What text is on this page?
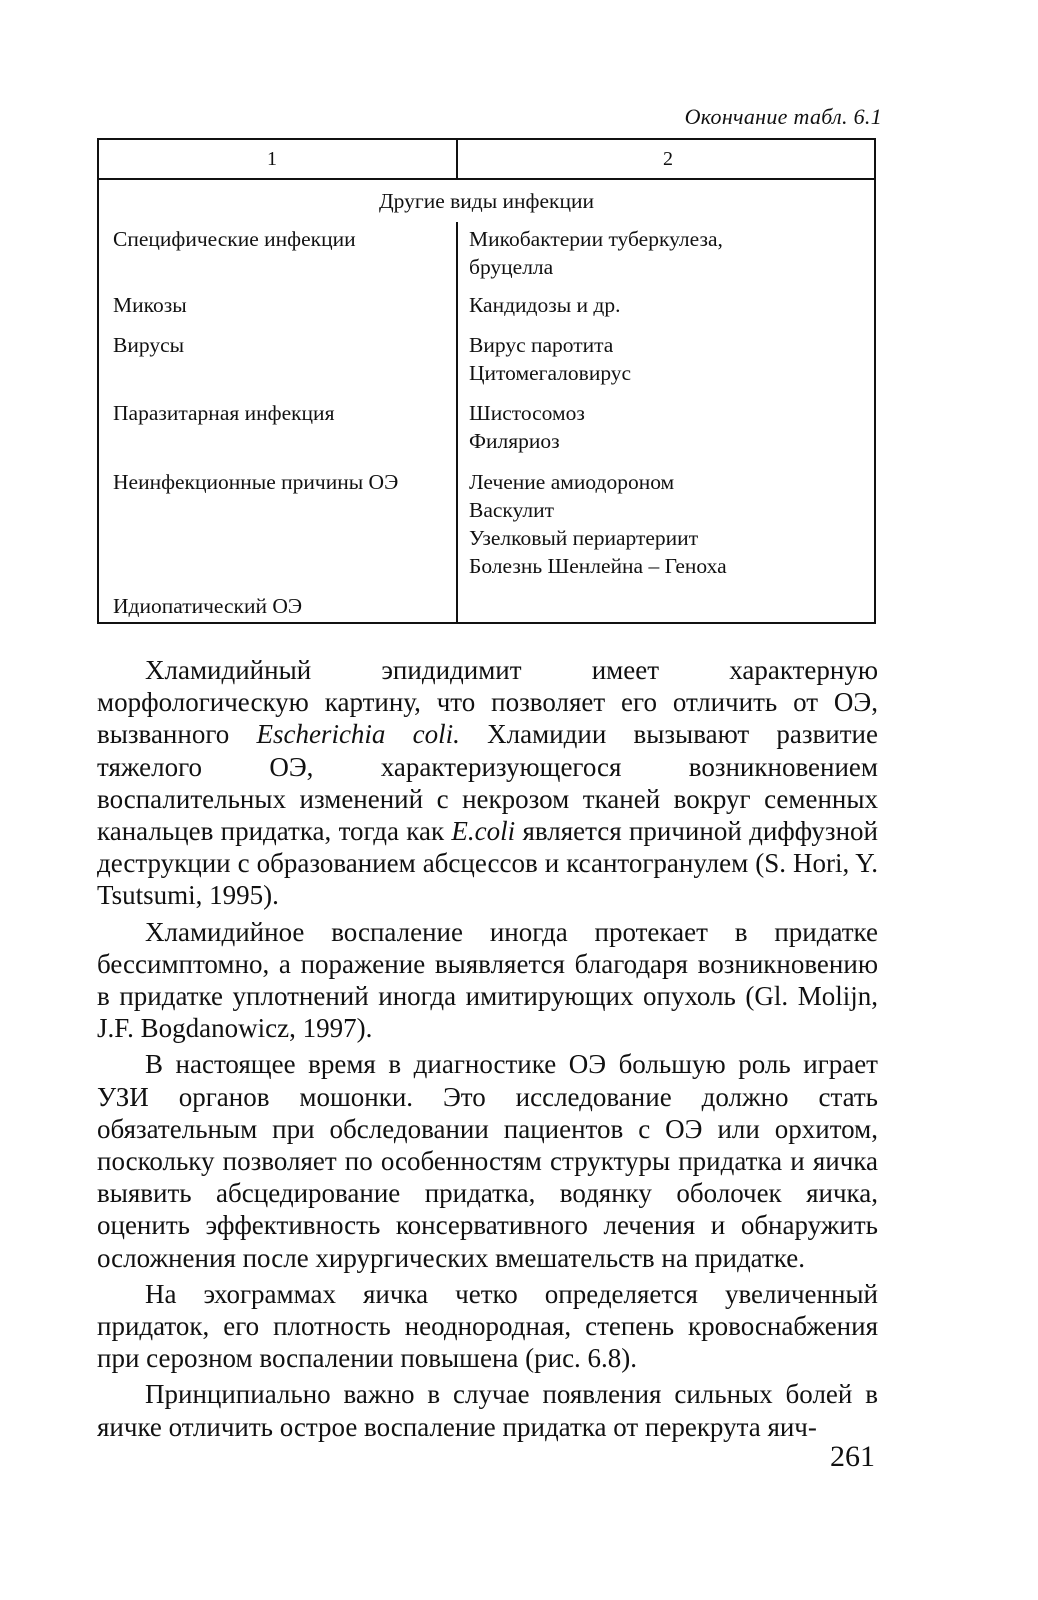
Окончание табл. 6.1
1	2
Другие виды инфекции
Специфические инфекции	Микобактерии туберкулеза,
бруцелла
Микозы	Кандидозы и др.
Вирусы	Вирус паротита
Цитомегаловирус
Паразитарная инфекция	Шистосомоз
Филяриоз
Неинфекционные причины ОЭ	Лечение амиодороном
Васкулит
Узелковый периартериит
Болезнь Шенлейна – Геноха
Идиопатический ОЭ

Хламидийный эпидидимит имеет характерную морфологическую картину, что позволяет его отличить от ОЭ, вызванного Escherichia coli. Хламидии вызывают развитие тяжелого ОЭ, характеризующегося возникновением воспалительных изменений с некрозом тканей вокруг семенных канальцев придатка, тогда как E.coli является причиной диффузной деструкции с образованием абсцессов и ксантогранулем (S. Hori, Y. Tsutsumi, 1995).

Хламидийное воспаление иногда протекает в придатке бессимптомно, а поражение выявляется благодаря возникновению в придатке уплотнений иногда имитирующих опухоль (Gl. Molijn, J.F. Bogdanowicz, 1997).

В настоящее время в диагностике ОЭ большую роль играет УЗИ органов мошонки. Это исследование должно стать обязательным при обследовании пациентов с ОЭ или орхитом, поскольку позволяет по особенностям структуры придатка и яичка выявить абсцедирование придатка, водянку оболочек яичка, оценить эффективность консервативного лечения и обнаружить осложнения после хирургических вмешательств на придатке.

На эхограммах яичка четко определяется увеличенный придаток, его плотность неоднородная, степень кровоснабжения при серозном воспалении повышена (рис. 6.8).

Принципиально важно в случае появления сильных болей в яичке отличить острое воспаление придатка от перекрута яич-

261
